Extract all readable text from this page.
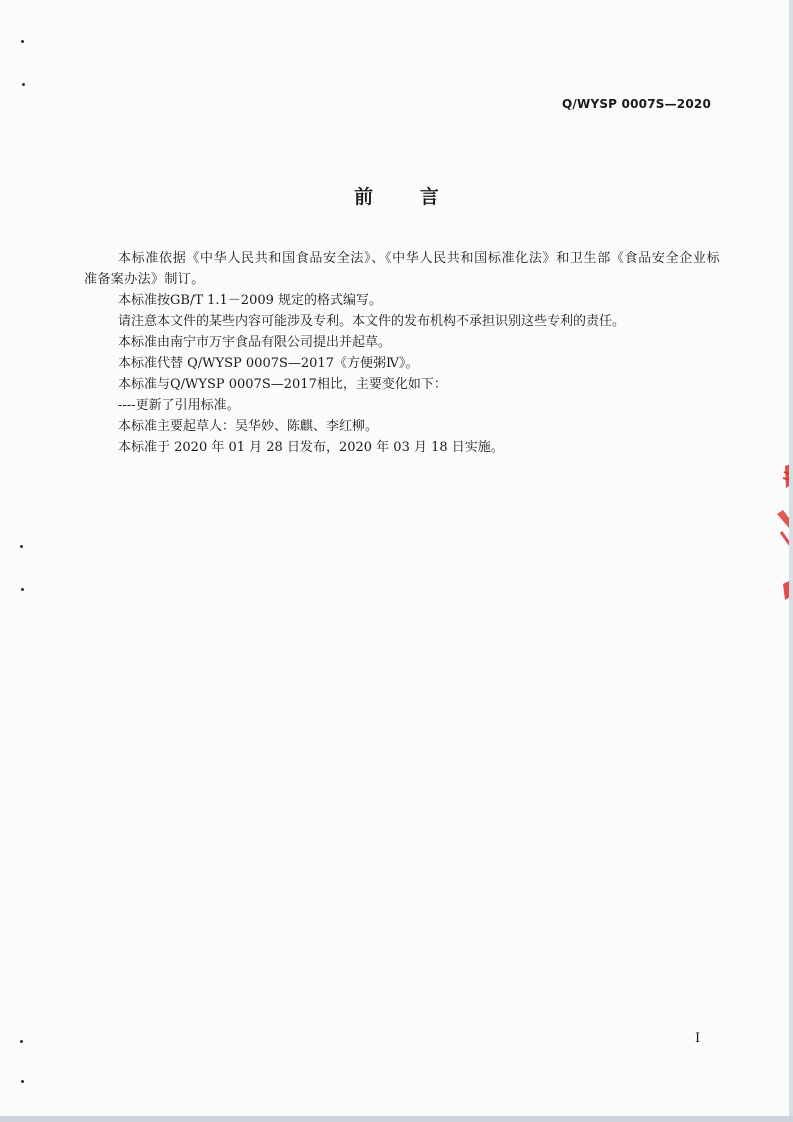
Q/WYSP 0007S—2020
前 言

本标准依据《中华人民共和国食品安全法》、《中华人民共和国标准化法》和卫生部《食品安全企业标准备案办法》制订。

本标准按GB/T 1.1－2009 规定的格式编写。

请注意本文件的某些内容可能涉及专利。本文件的发布机构不承担识别这些专利的责任。

本标准由南宁市万宇食品有限公司提出并起草。

本标准代替 Q/WYSP 0007S—2017《方便粥Ⅳ》。

本标准与Q/WYSP 0007S—2017相比，主要变化如下：

----更新了引用标准。

本标准主要起草人：吴华妙、陈麒、李红柳。

本标准于 2020 年 01 月 28 日发布，2020 年 03 月 18 日实施。

I
